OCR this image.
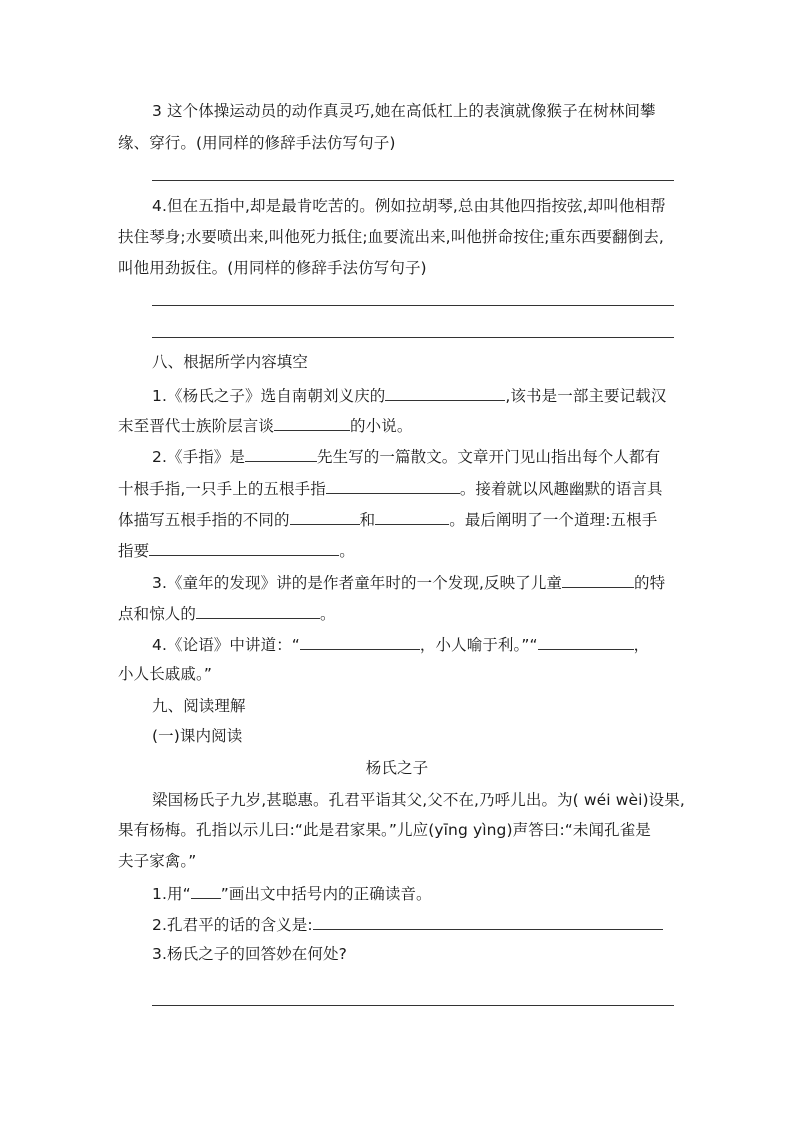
3 这个体操运动员的动作真灵巧,她在高低杠上的表演就像猴子在树林间攀
缘、穿行。(用同样的修辞手法仿写句子)
4.但在五指中,却是最肯吃苦的。例如拉胡琴,总由其他四指按弦,却叫他相帮
扶住琴身;水要喷出来,叫他死力抵住;血要流出来,叫他拼命按住;重东西要翻倒去,
叫他用劲扳住。(用同样的修辞手法仿写句子)
八、根据所学内容填空
1.《杨氏之子》选自南朝刘义庆的	,该书是一部主要记载汉
末至晋代士族阶层言谈	的小说。
2.《手指》是	先生写的一篇散文。文章开门见山指出每个人都有
十根手指,一只手上的五根手指	。接着就以风趣幽默的语言具
体描写五根手指的不同的	和	。最后阐明了一个道理:五根手
指要	。
3.《童年的发现》讲的是作者童年时的一个发现,反映了儿童	的特
点和惊人的	。
4.《论语》中讲道：“	，小人喻于利。”“	，
小人长戚戚。”
九、阅读理解
(一)课内阅读
杨氏之子
梁国杨氏子九岁,甚聪惠。孔君平诣其父,父不在,乃呼儿出。为( wéi wèi)设果,
果有杨梅。孔指以示儿曰:“此是君家果。”儿应(yīng yìng)声答曰:“未闻孔雀是
夫子家禽。”
1.用“ ”画出文中括号内的正确读音。
2.孔君平的话的含义是:
3.杨氏之子的回答妙在何处?
